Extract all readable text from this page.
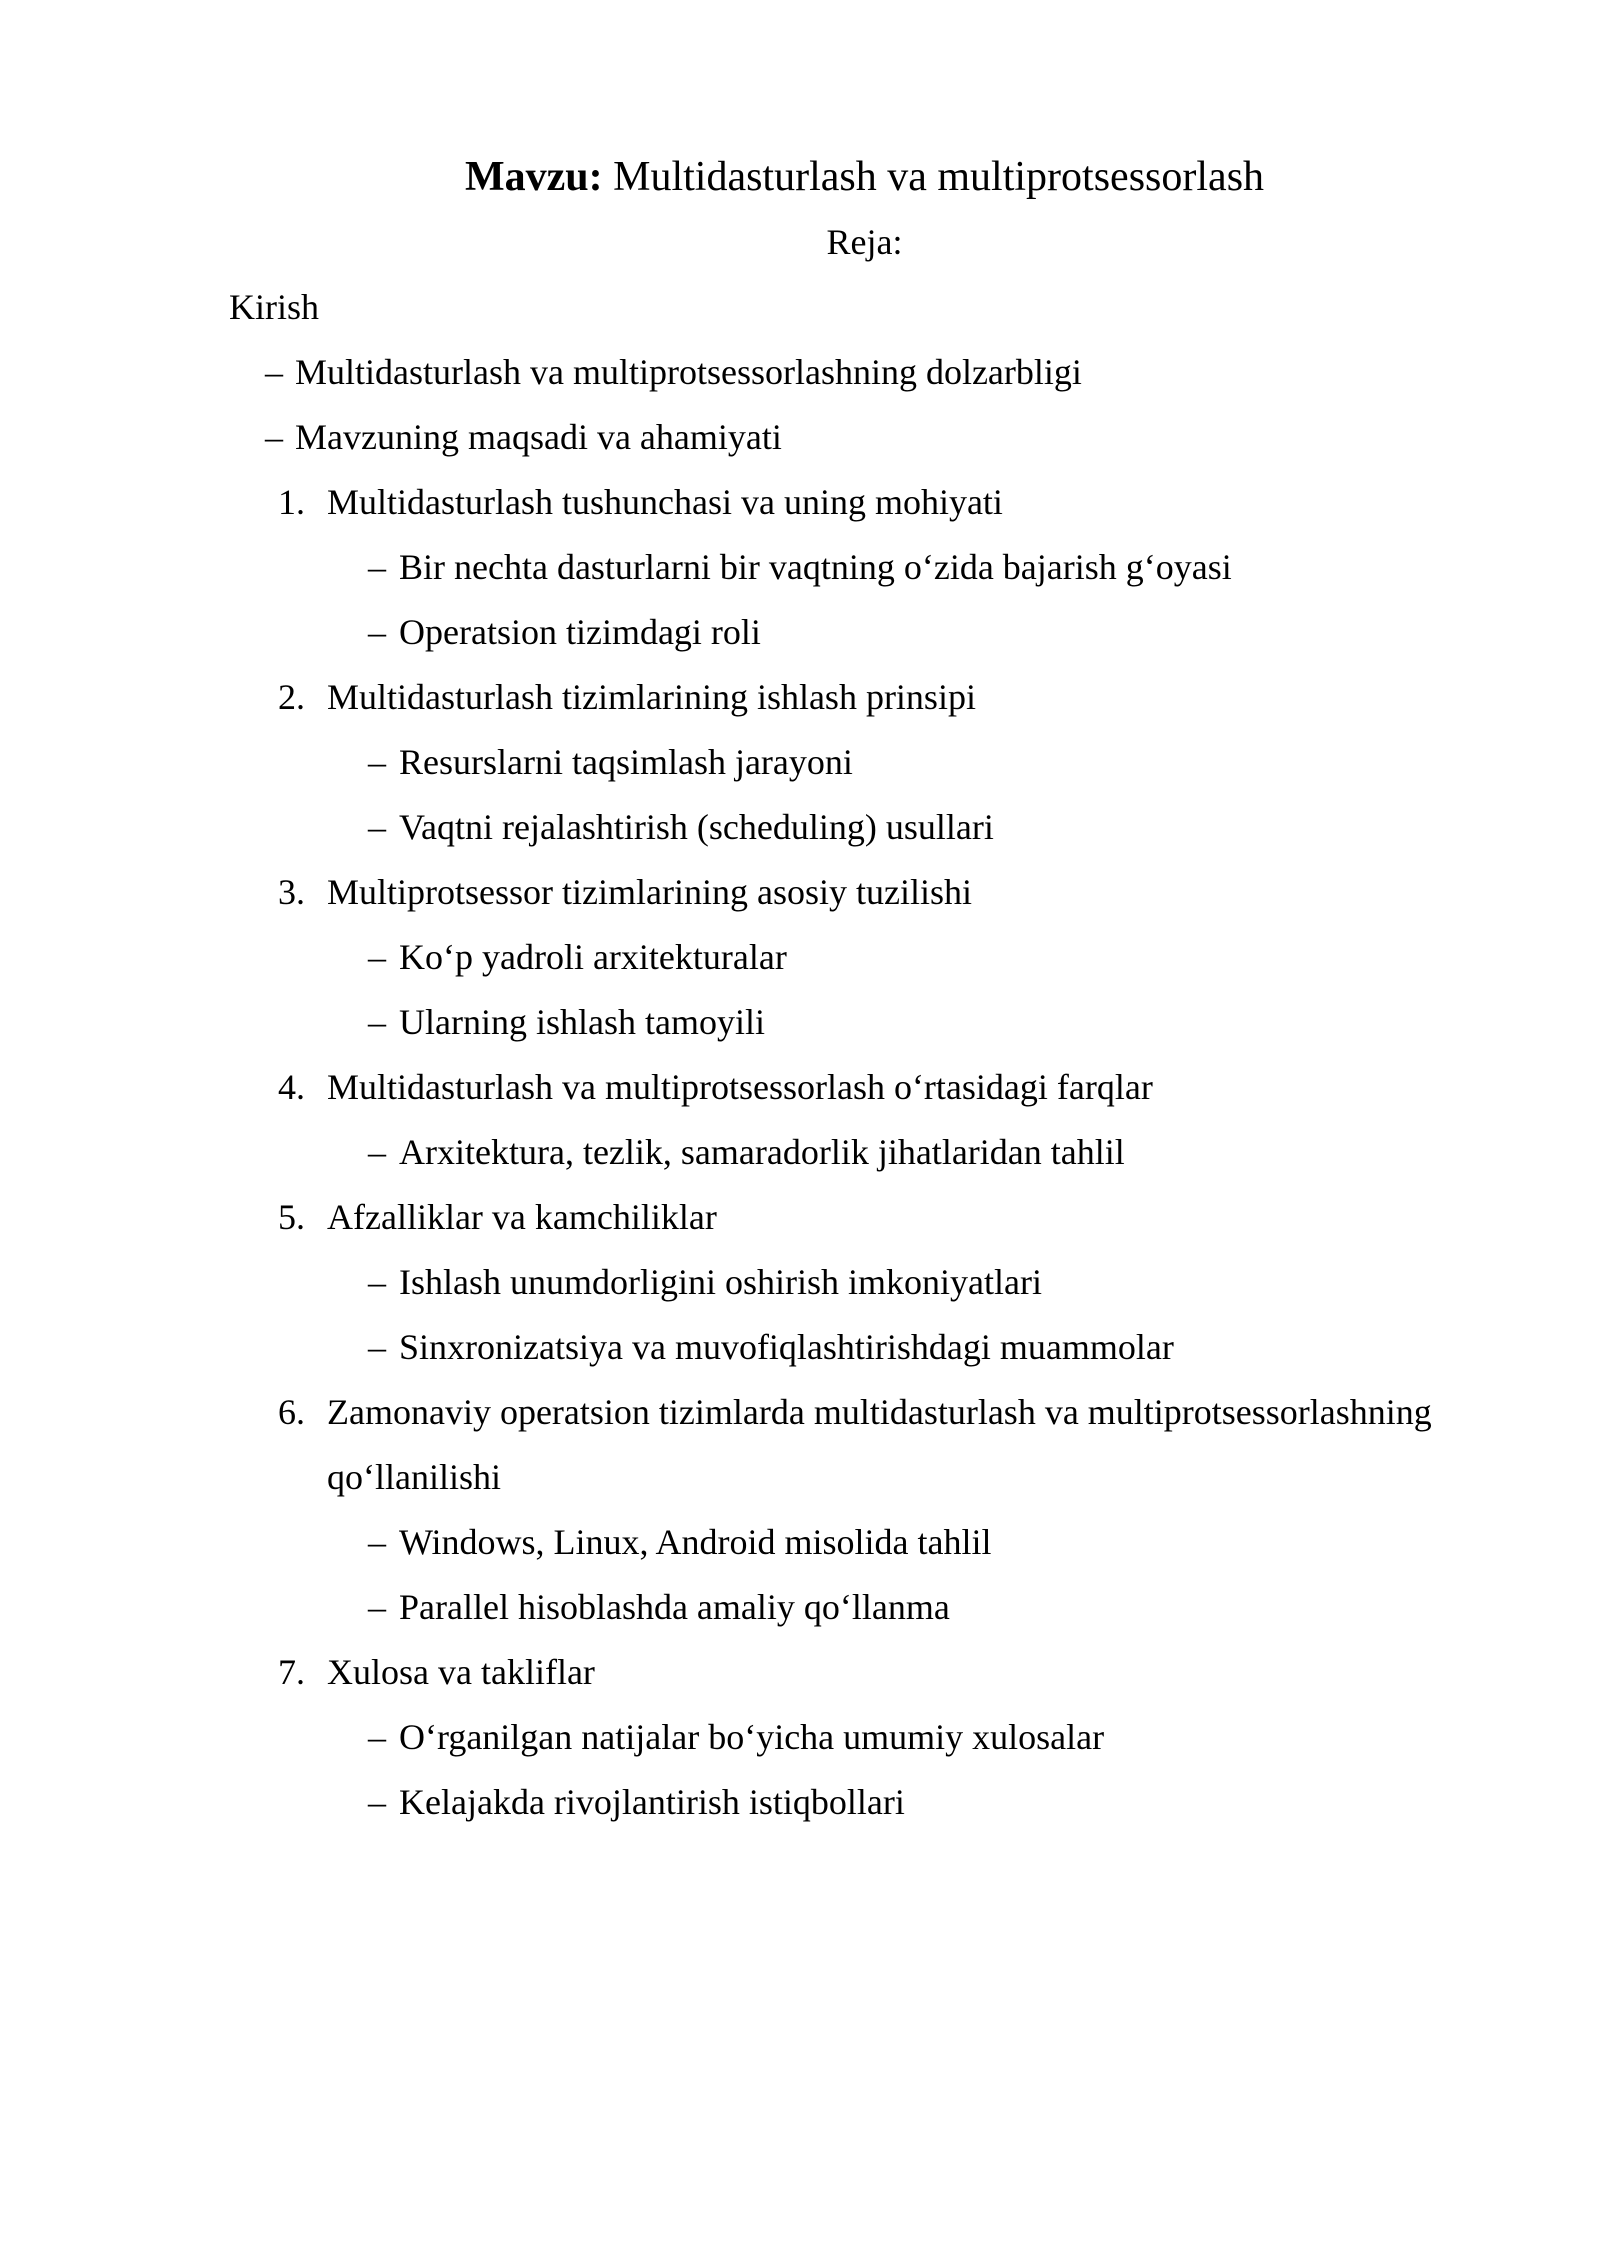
Mavzu: Multidasturlash va multiprotsessorlash

Reja:

Kirish

– Multidasturlash va multiprotsessorlashning dolzarbligi

– Mavzuning maqsadi va ahamiyati

1. Multidasturlash tushunchasi va uning mohiyati

– Bir nechta dasturlarni bir vaqtning o‘zida bajarish g‘oyasi

– Operatsion tizimdagi roli

2. Multidasturlash tizimlarining ishlash prinsipi

– Resurslarni taqsimlash jarayoni

– Vaqtni rejalashtirish (scheduling) usullari

3. Multiprotsessor tizimlarining asosiy tuzilishi

– Ko‘p yadroli arxitekturalar

– Ularning ishlash tamoyili

4. Multidasturlash va multiprotsessorlash o‘rtasidagi farqlar

– Arxitektura, tezlik, samaradorlik jihatlaridan tahlil

5. Afzalliklar va kamchiliklar

– Ishlash unumdorligini oshirish imkoniyatlari

– Sinxronizatsiya va muvofiqlashtirishdagi muammolar

6. Zamonaviy operatsion tizimlarda multidasturlash va multiprotsessorlashning qo‘llanilishi

– Windows, Linux, Android misolida tahlil

– Parallel hisoblashda amaliy qo‘llanma

7. Xulosa va takliflar

– O‘rganilgan natijalar bo‘yicha umumiy xulosalar

– Kelajakda rivojlantirish istiqbollari
